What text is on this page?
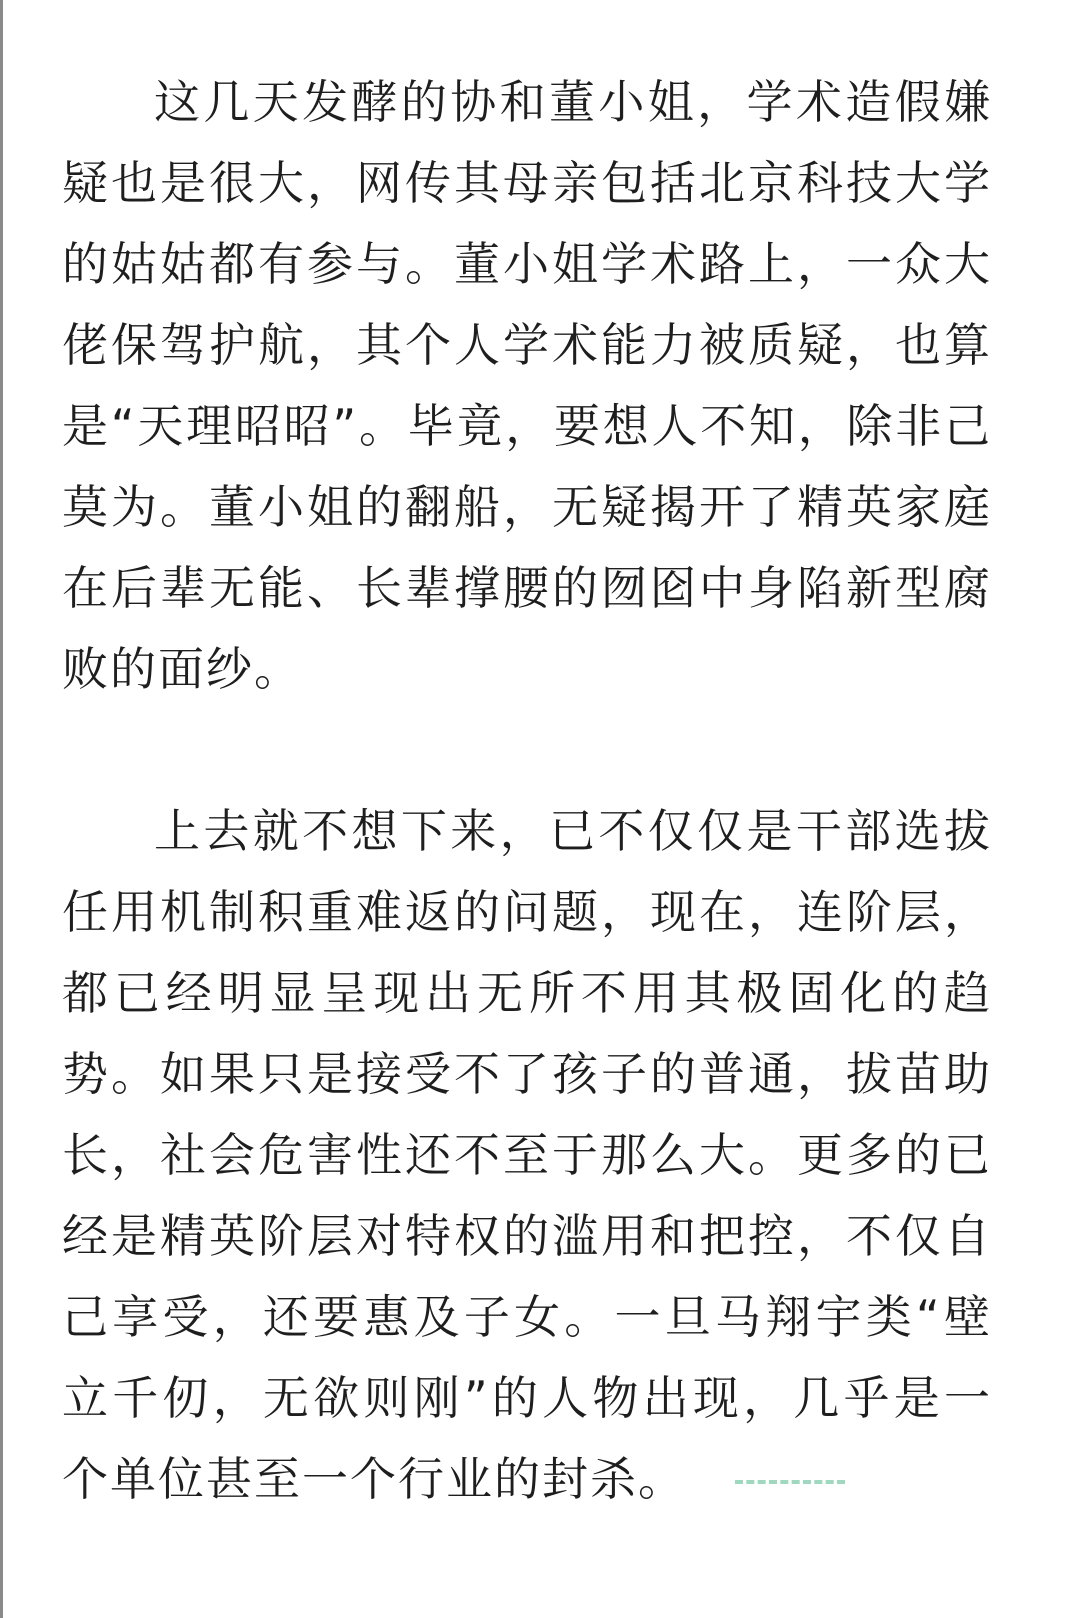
这几天发酵的协和董小姐，学术造假嫌疑也是很大，网传其母亲包括北京科技大学的姑姑都有参与。董小姐学术路上，一众大佬保驾护航，其个人学术能力被质疑，也算是“天理昭昭”。毕竟，要想人不知，除非己莫为。董小姐的翻船，无疑揭开了精英家庭在后辈无能、长辈撑腰的囫囵中身陷新型腐败的面纱。

上去就不想下来，已不仅仅是干部选拔任用机制积重难返的问题，现在，连阶层，都已经明显呈现出无所不用其极固化的趋势。如果只是接受不了孩子的普通，拔苗助长，社会危害性还不至于那么大。更多的已经是精英阶层对特权的滥用和把控，不仅自己享受，还要惠及子女。一旦马翔宇类“壁立千仞，无欲则刚”的人物出现，几乎是一个单位甚至一个行业的封杀。
